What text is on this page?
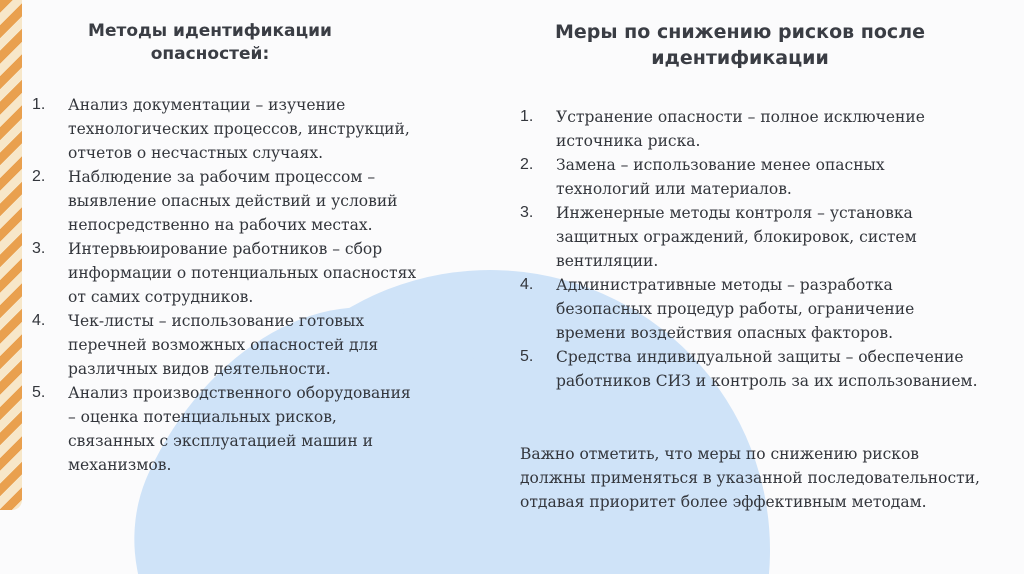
Методы идентификации опасностей:
1. Анализ документации – изучение технологических процессов, инструкций, отчетов о несчастных случаях.
2. Наблюдение за рабочим процессом – выявление опасных действий и условий непосредственно на рабочих местах.
3. Интервьюирование работников – сбор информации о потенциальных опасностях от самих сотрудников.
4. Чек-листы – использование готовых перечней возможных опасностей для различных видов деятельности.
5. Анализ производственного оборудования – оценка потенциальных рисков, связанных с эксплуатацией машин и механизмов.
Меры по снижению рисков после идентификации
1. Устранение опасности – полное исключение источника риска.
2. Замена – использование менее опасных технологий или материалов.
3. Инженерные методы контроля – установка защитных ограждений, блокировок, систем вентиляции.
4. Административные методы – разработка безопасных процедур работы, ограничение времени воздействия опасных факторов.
5. Средства индивидуальной защиты – обеспечение работников СИЗ и контроль за их использованием.
Важно отметить, что меры по снижению рисков должны применяться в указанной последовательности, отдавая приоритет более эффективным методам.
